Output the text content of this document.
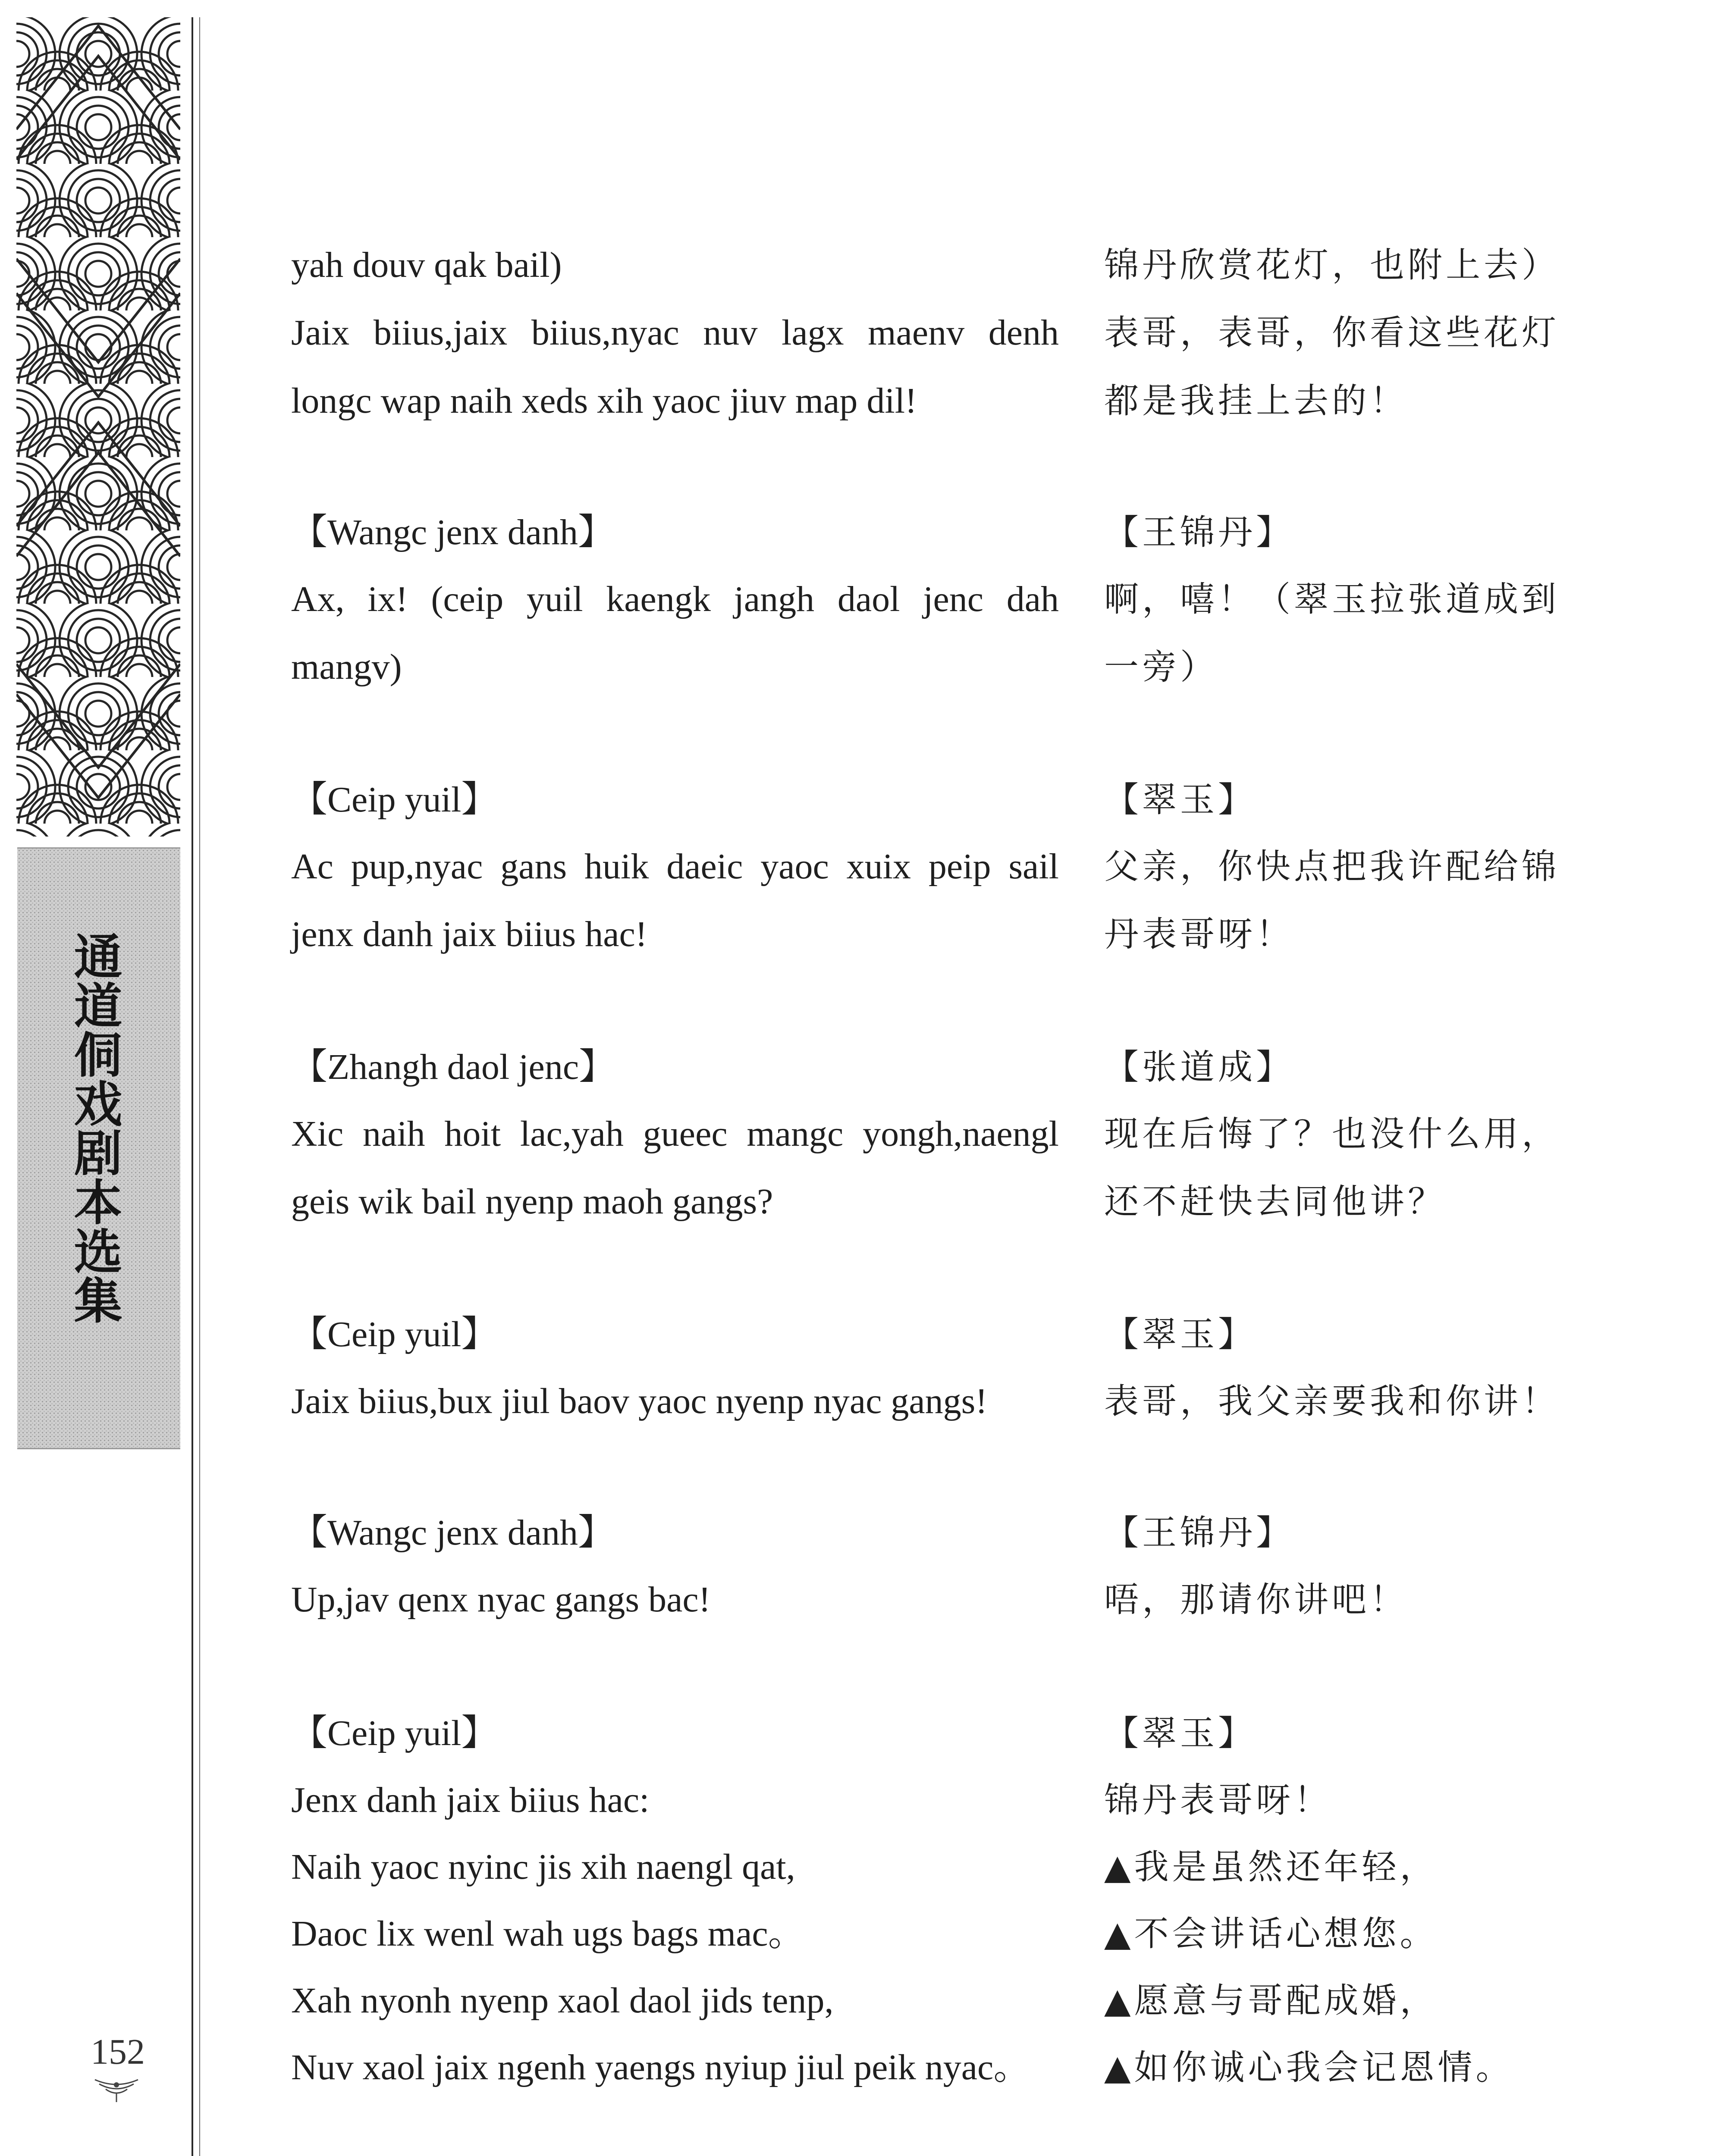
通道侗戏剧本选集
152
yah douv qak bail)
Jaix biius,jaix biius,nyac nuv lagx maenv denh
longc wap naih xeds xih yaoc jiuv map dil!
锦丹欣赏花灯，也附上去）
表哥，表哥，你看这些花灯
都是我挂上去的！
【Wangc jenx danh】
Ax, ix! (ceip yuil kaengk jangh daol jenc dah
mangv)
【王锦丹】
啊，嘻！（翠玉拉张道成到
一旁）
【Ceip yuil】
Ac pup,nyac gans huik daeic yaoc xuix peip sail
jenx danh jaix biius hac!
【翠玉】
父亲，你快点把我许配给锦
丹表哥呀！
【Zhangh daol jenc】
Xic naih hoit lac,yah gueec mangc yongh,naengl
geis wik bail nyenp maoh gangs?
【张道成】
现在后悔了？也没什么用，
还不赶快去同他讲？
【Ceip yuil】
Jaix biius,bux jiul baov yaoc nyenp nyac gangs!
【翠玉】
表哥，我父亲要我和你讲！
【Wangc jenx danh】
Up,jav qenx nyac gangs bac!
【王锦丹】
唔，那请你讲吧！
【Ceip yuil】
Jenx danh jaix biius hac:
Naih yaoc nyinc jis xih naengl qat,
Daoc lix wenl wah ugs bags mac。
Xah nyonh nyenp xaol daol jids tenp,
Nuv xaol jaix ngenh yaengs nyiup jiul peik nyac。
【翠玉】
锦丹表哥呀！
▲我是虽然还年轻，
▲不会讲话心想您。
▲愿意与哥配成婚，
▲如你诚心我会记恩情。
